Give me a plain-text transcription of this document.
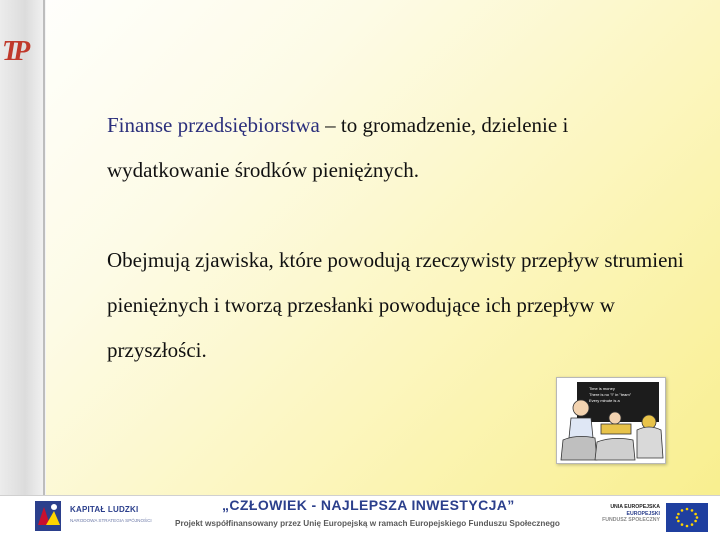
TP

Finanse przedsiębiorstwa – to gromadzenie, dzielenie i wydatkowanie środków pieniężnych.

Obejmują zjawiska, które powodują rzeczywisty przepływ strumieni pieniężnych i tworzą przesłanki powodujące ich przepływ w przyszłości.

Time is money
There is no "I" in "team"
Every minute is a
KAPITAŁ LUDZKI
NARODOWA STRATEGIA SPÓJNOŚCI
„CZŁOWIEK - NAJLEPSZA INWESTYCJA”
Projekt współfinansowany przez Unię Europejską w ramach Europejskiego Funduszu Społecznego
UNIA EUROPEJSKA
EUROPEJSKI
FUNDUSZ SPOŁECZNY
